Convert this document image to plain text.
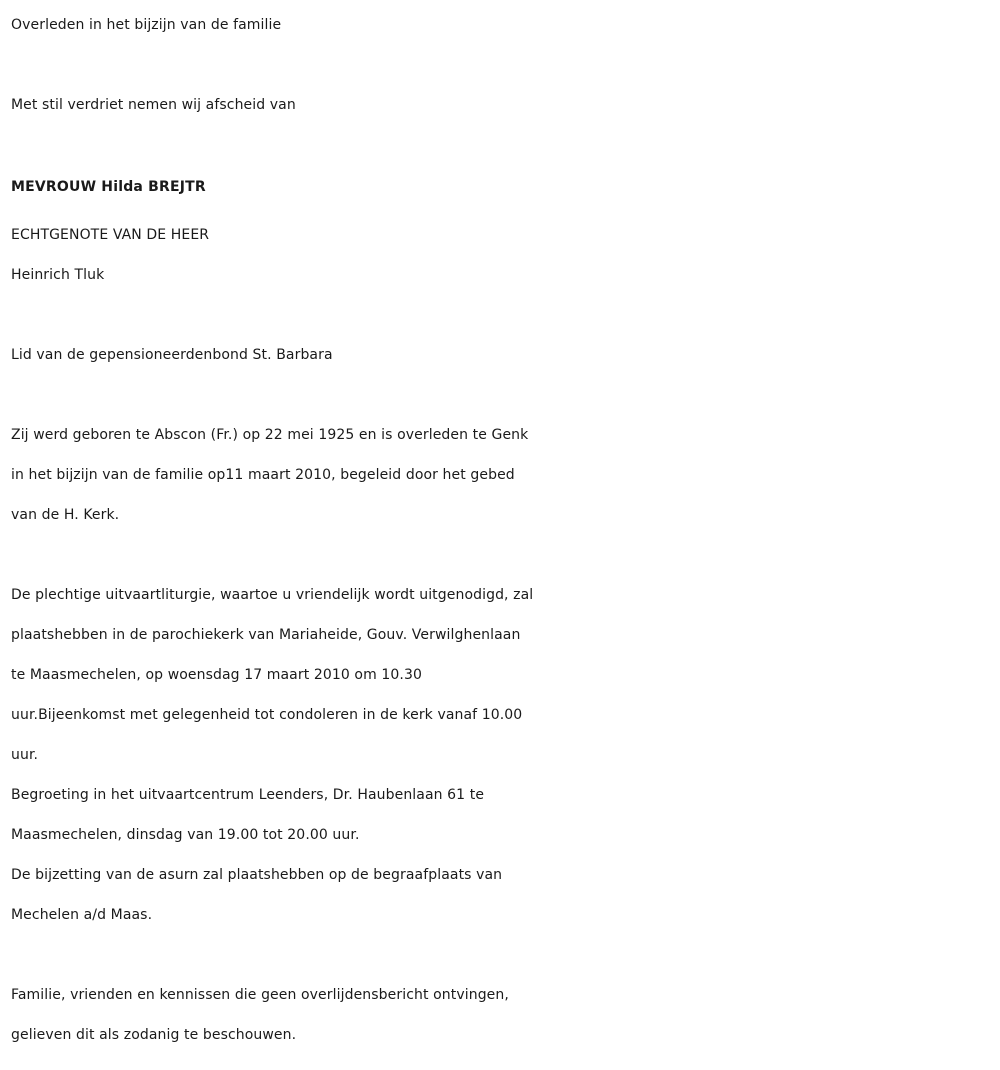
Overleden in het bijzijn van de familie
Met stil verdriet nemen wij afscheid van
MEVROUW Hilda BREJTR
ECHTGENOTE VAN DE HEER
Heinrich Tluk
Lid van de gepensioneerdenbond St. Barbara
Zij werd geboren te Abscon (Fr.) op 22 mei 1925 en is overleden te Genk
in het bijzijn van de familie op11 maart 2010, begeleid door het gebed
van de H. Kerk.
De plechtige uitvaartliturgie, waartoe u vriendelijk wordt uitgenodigd, zal
plaatshebben in de parochiekerk van Mariaheide, Gouv. Verwilghenlaan
te Maasmechelen, op woensdag 17 maart 2010 om 10.30
uur.Bijeenkomst met gelegenheid tot condoleren in de kerk vanaf 10.00
uur.
Begroeting in het uitvaartcentrum Leenders, Dr. Haubenlaan 61 te
Maasmechelen, dinsdag van 19.00 tot 20.00 uur.
De bijzetting van de asurn zal plaatshebben op de begraafplaats van
Mechelen a/d Maas.
Familie, vrienden en kennissen die geen overlijdensbericht ontvingen,
gelieven dit als zodanig te beschouwen.
